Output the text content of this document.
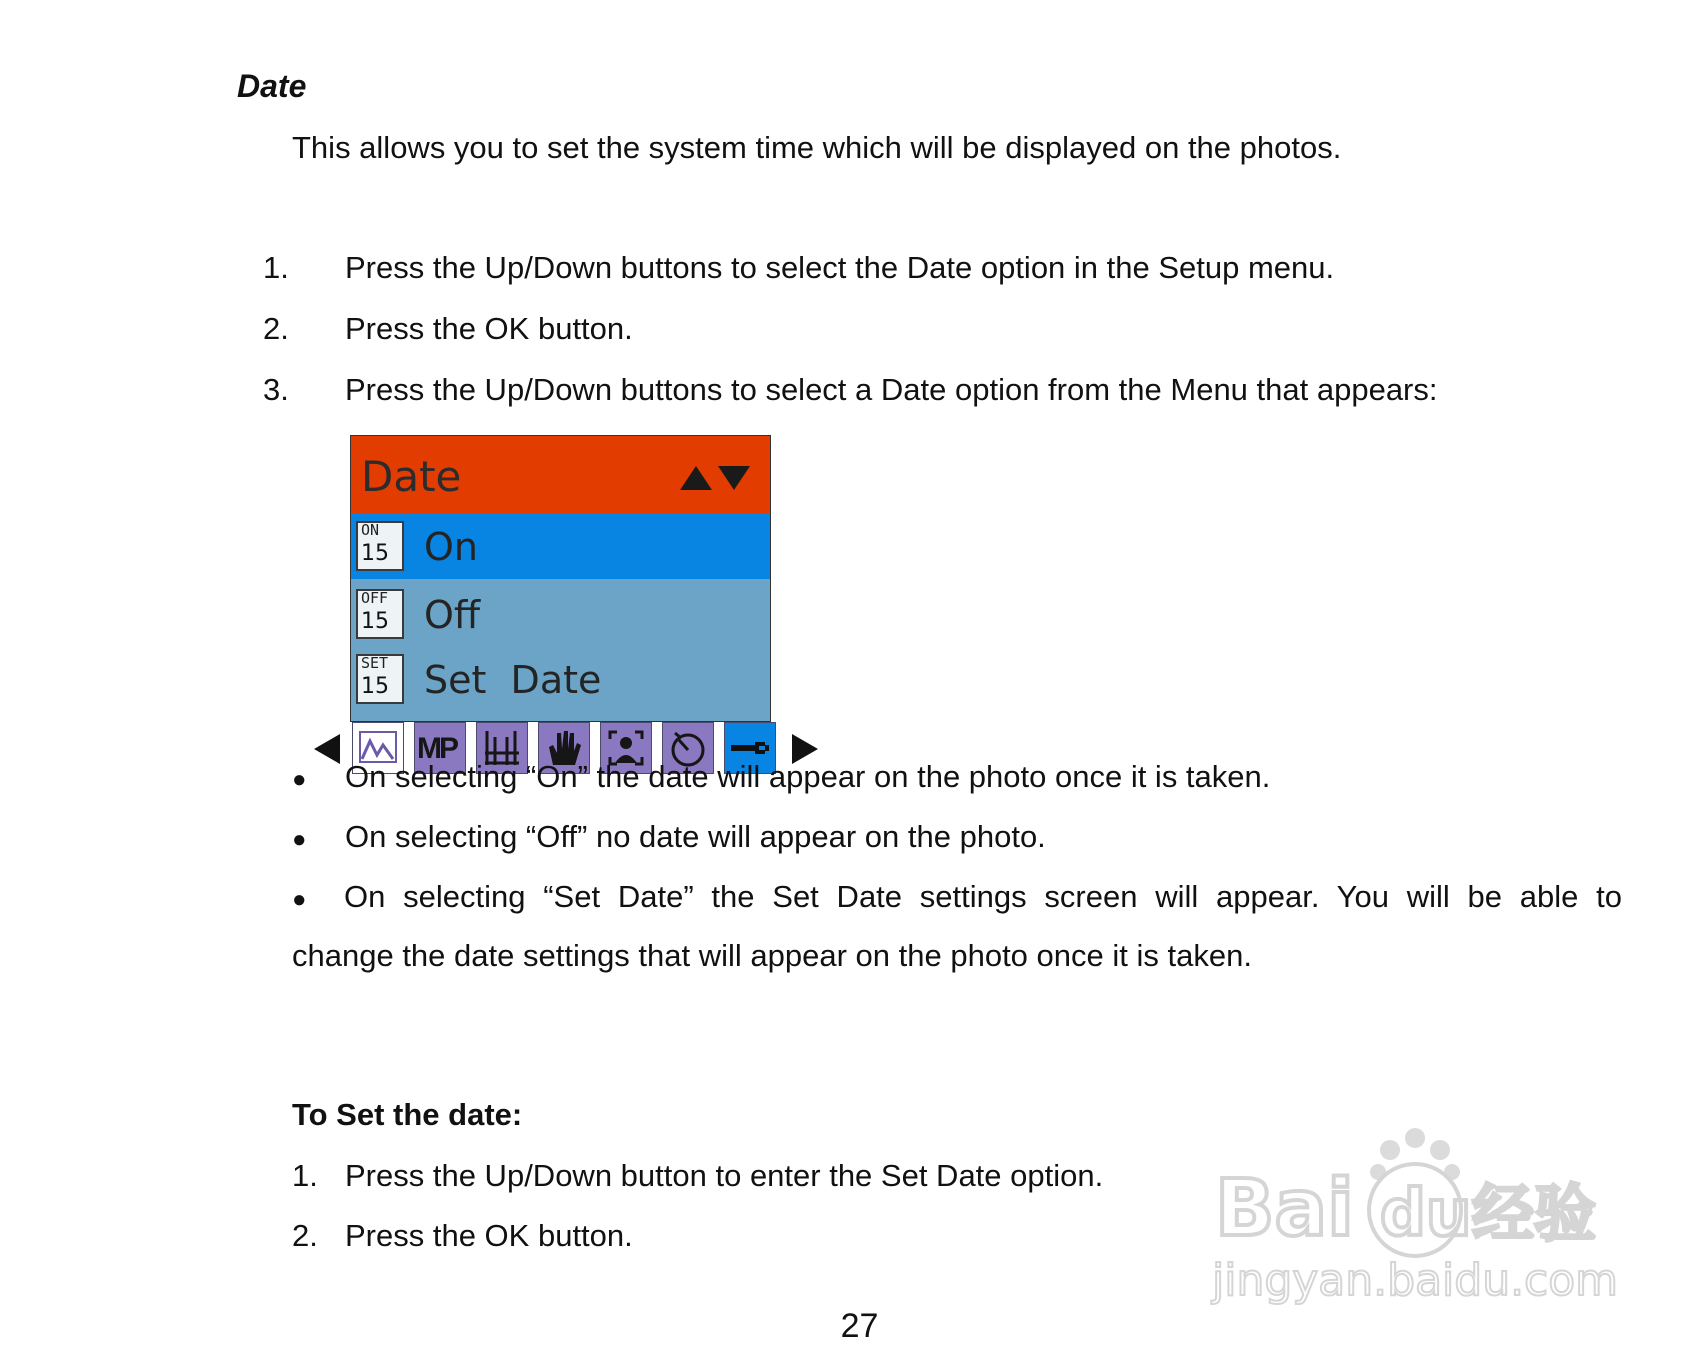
Date
This allows you to set the system time which will be displayed on the photos.
1. Press the Up/Down buttons to select the Date option in the Setup menu.
2. Press the OK button.
3. Press the Up/Down buttons to select a Date option from the Menu that appears:
Date
ON
15 On
OFF
15 Off
SET
15 Set  Date
MP
● On selecting “On” the date will appear on the photo once it is taken.
● On selecting “Off” no date will appear on the photo.
●	On selecting “Set Date” the Set Date settings screen will appear. You will be able to
change the date settings that will appear on the photo once it is taken.
To Set the date:
1. Press the Up/Down button to enter the Set Date option.
2. Press the OK button.
27
Bai du 经验
jingyan.baidu.com
